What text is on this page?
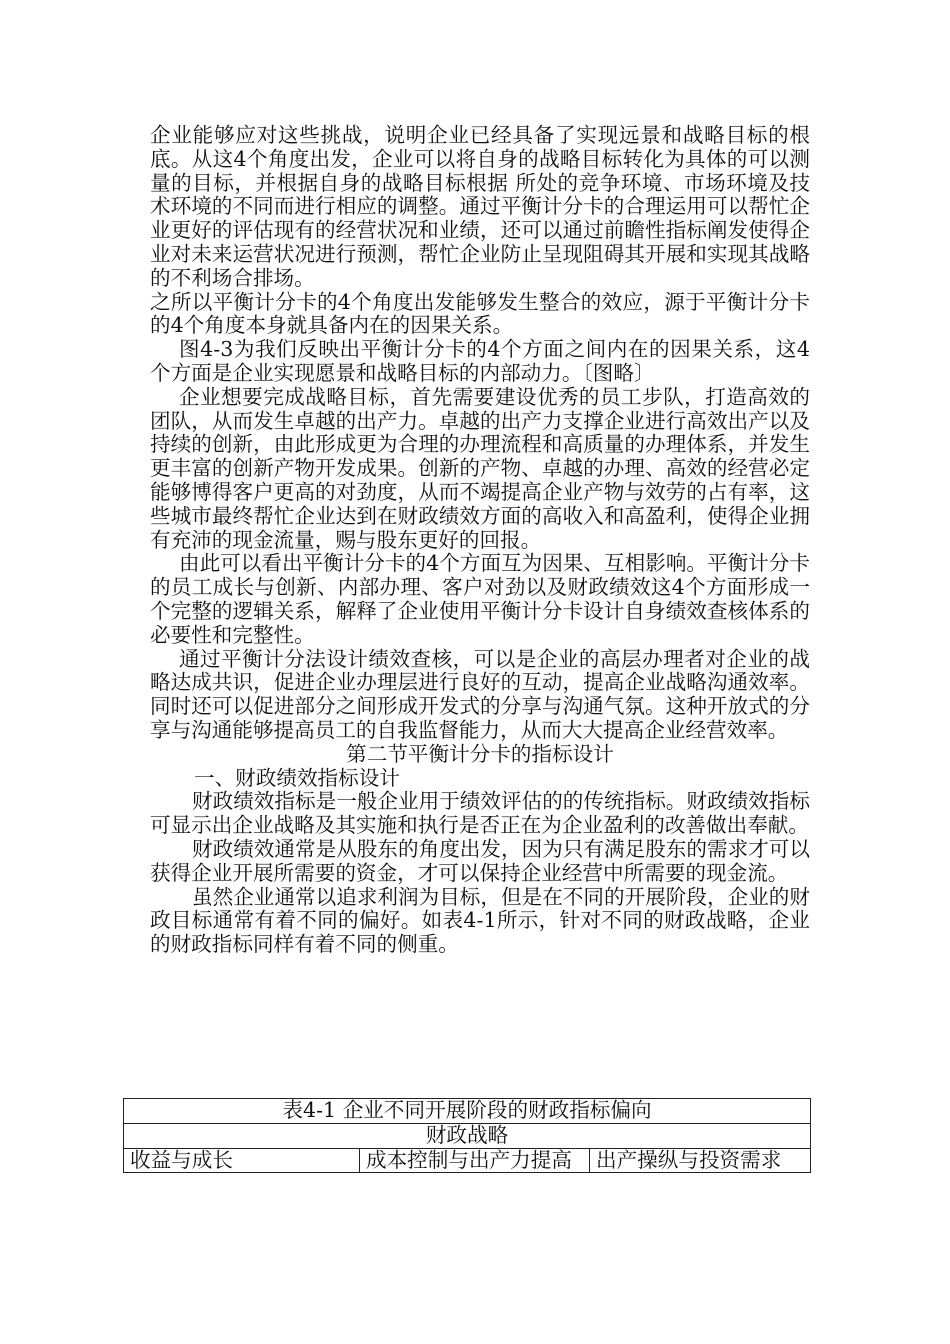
企业能够应对这些挑战，说明企业已经具备了实现远景和战略目标的根底。从这4个角度出发，企业可以将自身的战略目标转化为具体的可以测量的目标，并根据自身的战略目标根据 所处的竞争环境、市场环境及技术环境的不同而进行相应的调整。通过平衡计分卡的合理运用可以帮忙企业更好的评估现有的经营状况和业绩，还可以通过前瞻性指标阐发使得企业对未来运营状况进行预测，帮忙企业防止呈现阻碍其开展和实现其战略的不利场合排场。

之所以平衡计分卡的4个角度出发能够发生整合的效应，源于平衡计分卡的4个角度本身就具备内在的因果关系。

图4-3为我们反映出平衡计分卡的4个方面之间内在的因果关系，这4个方面是企业实现愿景和战略目标的内部动力。〔图略〕

企业想要完成战略目标，首先需要建设优秀的员工步队，打造高效的团队，从而发生卓越的出产力。卓越的出产力支撑企业进行高效出产以及持续的创新，由此形成更为合理的办理流程和高质量的办理体系，并发生更丰富的创新产物开发成果。创新的产物、卓越的办理、高效的经营必定能够博得客户更高的对劲度，从而不竭提高企业产物与效劳的占有率，这些城市最终帮忙企业达到在财政绩效方面的高收入和高盈利，使得企业拥有充沛的现金流量，赐与股东更好的回报。

由此可以看出平衡计分卡的4个方面互为因果、互相影响。平衡计分卡的员工成长与创新、内部办理、客户对劲以及财政绩效这4个方面形成一个完整的逻辑关系，解释了企业使用平衡计分卡设计自身绩效查核体系的必要性和完整性。

通过平衡计分法设计绩效查核，可以是企业的高层办理者对企业的战略达成共识，促进企业办理层进行良好的互动，提高企业战略沟通效率。同时还可以促进部分之间形成开发式的分享与沟通气氛。这种开放式的分享与沟通能够提高员工的自我监督能力，从而大大提高企业经营效率。

第二节平衡计分卡的指标设计

一、财政绩效指标设计

财政绩效指标是一般企业用于绩效评估的的传统指标。财政绩效指标可显示出企业战略及其实施和执行是否正在为企业盈利的改善做出奉献。

财政绩效通常是从股东的角度出发，因为只有满足股东的需求才可以获得企业开展所需要的资金，才可以保持企业经营中所需要的现金流。

虽然企业通常以追求利润为目标，但是在不同的开展阶段，企业的财政目标通常有着不同的偏好。如表4-1所示，针对不同的财政战略，企业的财政指标同样有着不同的侧重。

表4-1 企业不同开展阶段的财政指标偏向
财政战略
收益与成长	成本控制与出产力提高	出产操纵与投资需求
